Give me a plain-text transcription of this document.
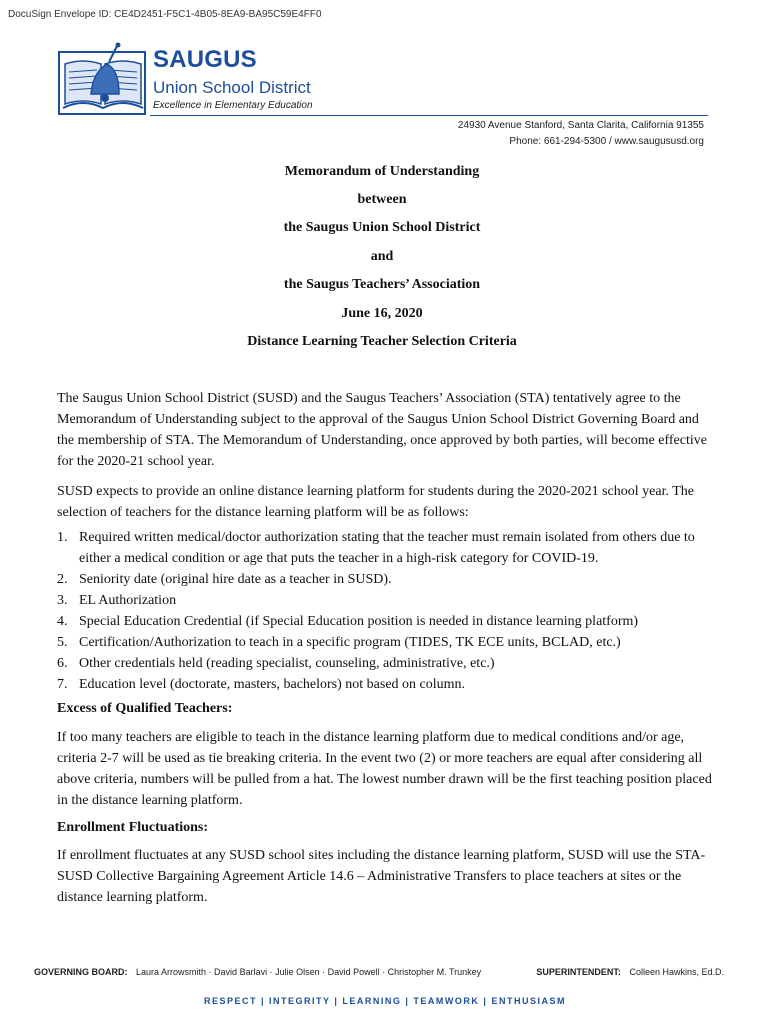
DocuSign Envelope ID: CE4D2451-F5C1-4B05-8EA9-BA95C59E4FF0
SAUGUS
Union School District
Excellence in Elementary Education
24930 Avenue Stanford, Santa Clarita, California 91355
Phone: 661-294-5300 / www.saugususd.org
Memorandum of Understanding
between
the Saugus Union School District
and
the Saugus Teachers’ Association
June 16, 2020
Distance Learning Teacher Selection Criteria

The Saugus Union School District (SUSD) and the Saugus Teachers’ Association (STA) tentatively agree to the Memorandum of Understanding subject to the approval of the Saugus Union School District Governing Board and the membership of STA. The Memorandum of Understanding, once approved by both parties, will become effective for the 2020-21 school year.

SUSD expects to provide an online distance learning platform for students during the 2020-2021 school year. The selection of teachers for the distance learning platform will be as follows:

1. Required written medical/doctor authorization stating that the teacher must remain isolated from others due to either a medical condition or age that puts the teacher in a high-risk category for COVID-19.
2. Seniority date (original hire date as a teacher in SUSD).
3. EL Authorization
4. Special Education Credential (if Special Education position is needed in distance learning platform)
5. Certification/Authorization to teach in a specific program (TIDES, TK ECE units, BCLAD, etc.)
6. Other credentials held (reading specialist, counseling, administrative, etc.)
7. Education level (doctorate, masters, bachelors) not based on column.
Excess of Qualified Teachers:

If too many teachers are eligible to teach in the distance learning platform due to medical conditions and/or age, criteria 2-7 will be used as tie breaking criteria. In the event two (2) or more teachers are equal after considering all above criteria, numbers will be pulled from a hat. The lowest number drawn will be the first teaching position placed in the distance learning platform.

Enrollment Fluctuations:

If enrollment fluctuates at any SUSD school sites including the distance learning platform, SUSD will use the STA-SUSD Collective Bargaining Agreement Article 14.6 – Administrative Transfers to place teachers at sites or the distance learning platform.

GOVERNING BOARD: Laura Arrowsmith · David Barlavi · Julie Olsen · David Powell · Christopher M. Trunkey	SUPERINTENDENT: Colleen Hawkins, Ed.D.
RESPECT | INTEGRITY | LEARNING | TEAMWORK | ENTHUSIASM
